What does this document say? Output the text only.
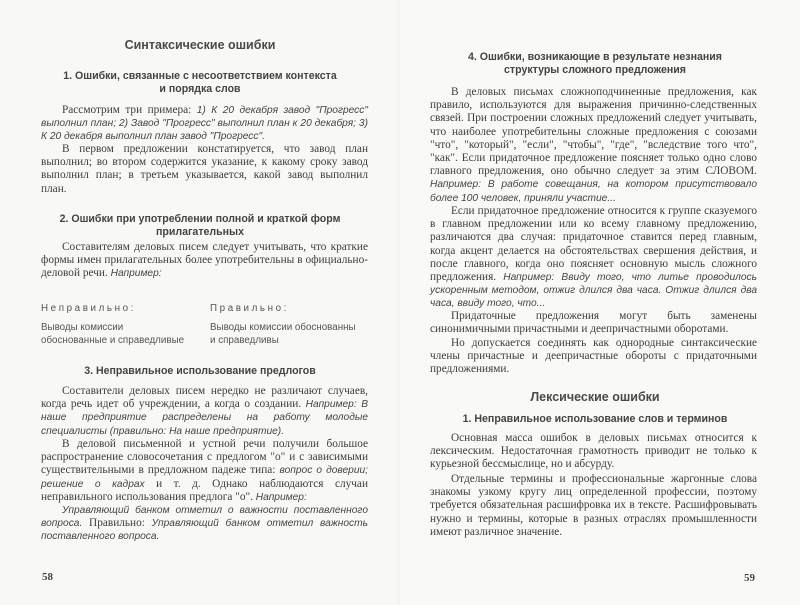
Синтаксические ошибки
1. Ошибки, связанные с несоответствием контекста
и порядка слов
Рассмотрим три примера: 1) К 20 декабря завод "Прогресс" выполнил план; 2) Завод "Прогресс" выполнил план к 20 декабря; 3) К 20 декабря выполнил план завод "Прогресс".
В первом предложении констатируется, что завод план выполнил; во втором содержится указание, к какому сроку завод выполнил план; в третьем указывается, какой завод выполнил план.
2. Ошибки при употреблении полной и краткой форм
прилагательных
Составителям деловых писем следует учитывать, что краткие формы имен прилагательных более употребительны в официально-деловой речи. Например:
Неправильно:	Правильно:
Выводы комиссии обоснованные и справедливые
Выводы комиссии обоснованны и справедливы
3. Неправильное использование предлогов
Составители деловых писем нередко не различают случаев, когда речь идет об учреждении, а когда о создании. Например: В наше предприятие распределены на работу молодые специалисты (правильно: На наше предприятие).
В деловой письменной и устной речи получили большое распространение словосочетания с предлогом "о" и с зависимыми существительными в предложном падеже типа: вопрос о доверии; решение о кадрах и т. д. Однако наблюдаются случаи неправильного использования предлога "о". Например:
Управляющий банком отметил о важности поставленного вопроса. Правильно: Управляющий банком отметил важность поставленного вопроса.
58
4. Ошибки, возникающие в результате незнания
структуры сложного предложения
В деловых письмах сложноподчиненные предложения, как правило, используются для выражения причинно-следственных связей. При построении сложных предложений следует учитывать, что наиболее употребительны сложные предложения с союзами "что", "который", "если", "чтобы", "где", "вследствие того что", "как". Если придаточное предложение поясняет только одно слово главного предложения, оно обычно следует за этим СЛОВОМ. Например: В работе совещания, на котором присутствовало более 100 человек, приняли участие...
Если придаточное предложение относится к группе сказуемого в главном предложении или ко всему главному предложению, различаются два случая: придаточное ставится перед главным, когда акцент делается на обстоятельствах свершения действия, и после главного, когда оно поясняет основную мысль сложного предложения. Например: Ввиду того, что литье проводилось ускоренным методом, отжиг длился два часа. Отжиг длился два часа, ввиду того, что...
Придаточные предложения могут быть заменены синонимичными причастными и деепричастными оборотами.
Но допускается соединять как однородные синтаксические члены причастные и деепричастные обороты с придаточными предложениями.
Лексические ошибки
1. Неправильное использование слов и терминов
Основная масса ошибок в деловых письмах относится к лексическим. Недостаточная грамотность приводит не только к курьезной бессмыслице, но и абсурду.
Отдельные термины и профессиональные жаргонные слова знакомы узкому кругу лиц определенной профессии, поэтому требуется обязательная расшифровка их в тексте. Расшифровывать нужно и термины, которые в разных отраслях промышленности имеют различное значение.
59
